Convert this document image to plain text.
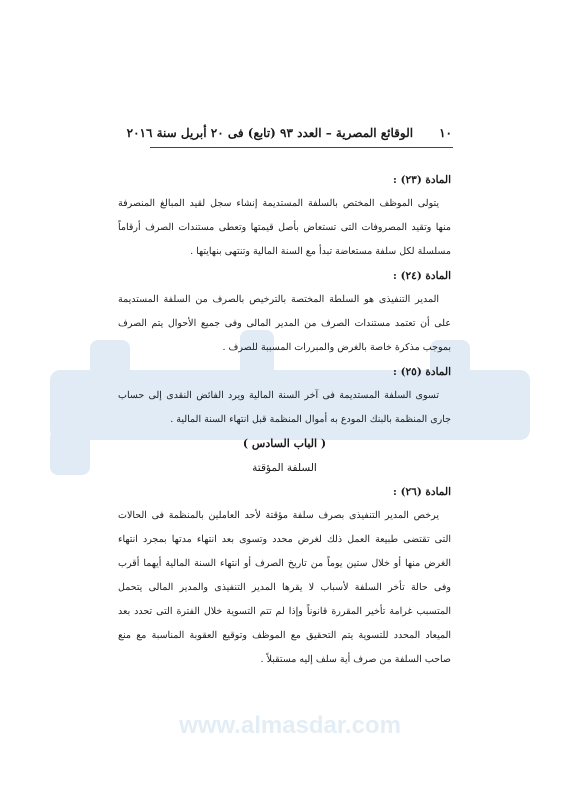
www.almasdar.com
١٠
الوقائع المصرية – العدد ٩٣ (تابع) فى ٢٠ أبريل سنة ٢٠١٦

المادة (٢٣) :

يتولى الموظف المختص بالسلفة المستديمة إنشاء سجل لقيد المبالغ المنصرفة منها وتقيد المصروفات التى تستعاض بأصل قيمتها وتعطى مستندات الصرف أرقاماً مسلسلة لكل سلفة مستعاضة تبدأ مع السنة المالية وتنتهى بنهايتها .

المادة (٢٤) :

المدير التنفيذى هو السلطة المختصة بالترخيص بالصرف من السلفة المستديمة على أن تعتمد مستندات الصرف من المدير المالى وفى جميع الأحوال يتم الصرف بموجب مذكرة خاصة بالغرض والمبررات المسببة للصرف .

المادة (٢٥) :

تسوى السلفة المستديمة فى آخر السنة المالية ويرد الفائض النقدى إلى حساب جارى المنظمة بالبنك المودع به أموال المنظمة قبل انتهاء السنة المالية .

( الباب السادس )

السلفة المؤقتة

المادة (٢٦) :

يرخص المدير التنفيذى بصرف سلفة مؤقتة لأحد العاملين بالمنظمة فى الحالات التى تقتضى طبيعة العمل ذلك لغرض محدد وتسوى بعد انتهاء مدتها بمجرد انتهاء الغرض منها أو خلال ستين يوماً من تاريخ الصرف أو انتهاء السنة المالية أيهما أقرب وفى حالة تأخر السلفة لأسباب لا يقرها المدير التنفيذى والمدير المالى يتحمل المتسبب غرامة تأخير المقررة قانوناً وإذا لم تتم التسوية خلال الفترة التى تحدد بعد الميعاد المحدد للتسوية يتم التحقيق مع الموظف وتوقيع العقوبة المناسبة مع منع صاحب السلفة من صرف أية سلف إليه مستقبلاً .
